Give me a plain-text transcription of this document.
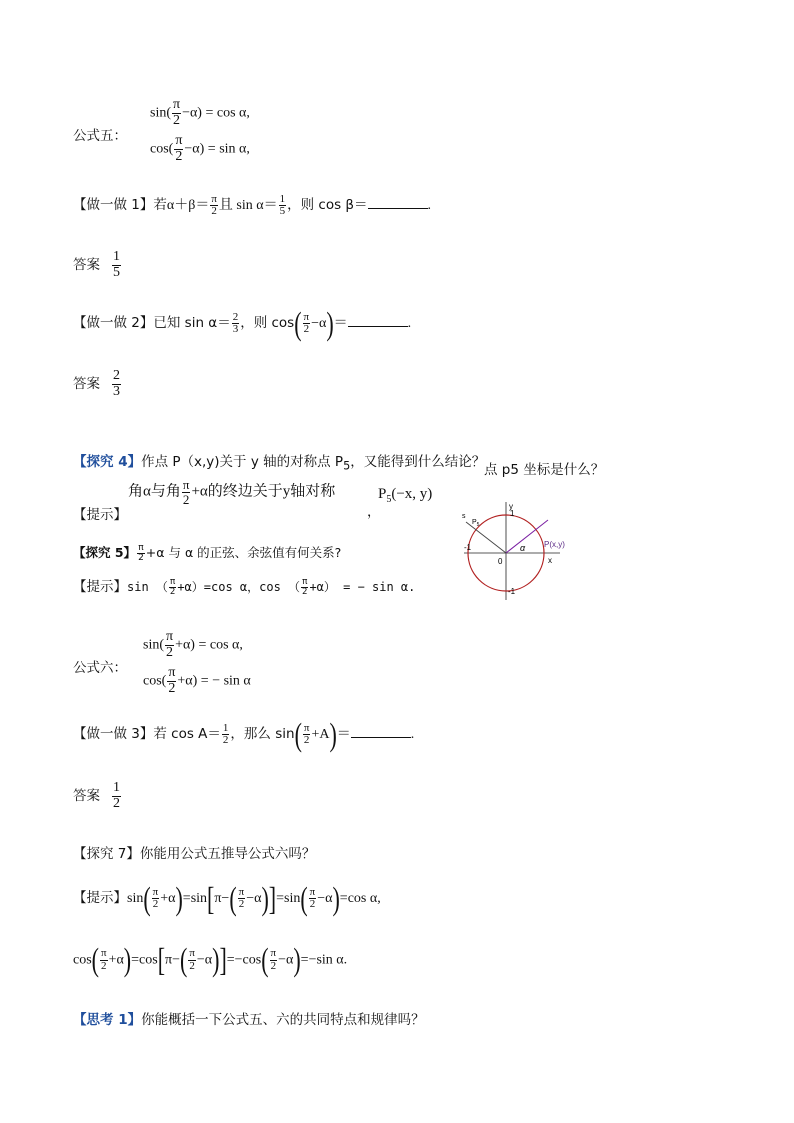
公式五：
$\sin( \frac{\pi}{2} -\alpha) = \cos \alpha$,
$\cos( \frac{\pi}{2} -\alpha) = \sin \alpha$,
【做一做 1】若$\alpha+\beta= \frac{\pi}{2}$ 且 $\sin \alpha= \frac{1}{5}$ ，则 cos β＝	.
答案 $\frac{1}{5}$
【做一做 2】已知 $\sin \alpha= \frac{2}{3}$ ，则 $\cos( \frac{\pi}{2} -\alpha)=$	.
答案 $\frac{2}{3}$
【探究 4】作点 P（x,y)关于 y 轴的对称点 $P_5$，又能得到什么结论？
点 p5 坐标是什么？
【提示】
角α与角 $\frac{\pi}{2} +\alpha$的终边关于y轴对称
，
$P_5(-x$, y)
y
1
x
-1
0
-1
α P(x,y)
$P_5$
s
【探究 5】 $\frac{\pi}{2} +\alpha$ 与 α 的正弦、余弦值有何关系?
【提示】sin （ $\frac{\pi}{2} +\alpha)=\cos$ α，cos （ $\frac{\pi}{2} +\alpha$） = − sin α.
公式六：
$\sin( \frac{\pi}{2} +\alpha) = \cos \alpha$,
$\cos( \frac{\pi}{2} +\alpha)$ = − sin α
【做一做 3】若 $\cos A= \frac{1}{2}$ ，那么 $\sin( \frac{\pi}{2} +A)=$	.
答案 $\frac{1}{2}$
【探究 7】你能用公式五推导公式六吗？
【提示】$\sin( \frac{\pi}{2} +\alpha)=\sin[\pi-( \frac{\pi}{2} -\alpha)]=\sin( \frac{\pi}{2} -\alpha)=\cos$ α,
$\cos( \frac{\pi}{2} +\alpha)=\cos[\pi-( \frac{\pi}{2} -\alpha)]=-\cos( \frac{\pi}{2} -\alpha)=-\sin$ α.
【思考 1】你能概括一下公式五、六的共同特点和规律吗？
